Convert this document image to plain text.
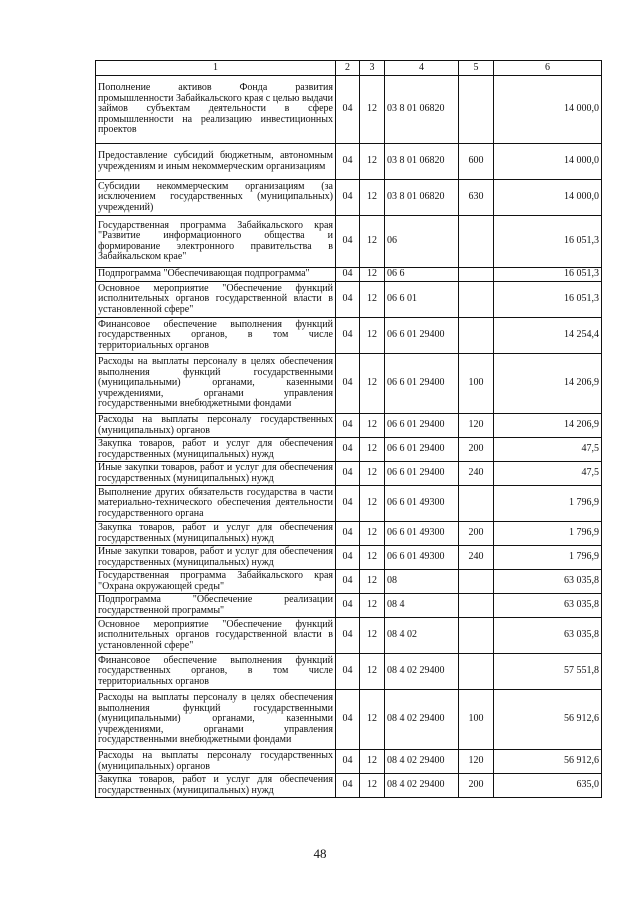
1	2	3	4	5	6
Пополнение активов Фонда развития промышленности Забайкальского края с целью выдачи займов субъектам деятельности в сфере промышленности на реализацию инвестиционных проектов	04	12	03 8 01 06820		14 000,0
Предоставление субсидий бюджетным, автономным учреждениям и иным некоммерческим организациям	04	12	03 8 01 06820	600	14 000,0
Субсидии некоммерческим организациям (за исключением государственных (муниципальных) учреждений)	04	12	03 8 01 06820	630	14 000,0
Государственная программа Забайкальского края "Развитие информационного общества и формирование электронного правительства в Забайкальском крае"	04	12	06		16 051,3
Подпрограмма "Обеспечивающая подпрограмма"	04	12	06 6		16 051,3
Основное мероприятие "Обеспечение функций исполнительных органов государственной власти в установленной сфере"	04	12	06 6 01		16 051,3
Финансовое обеспечение выполнения функций государственных органов, в том числе территориальных органов	04	12	06 6 01 29400		14 254,4
Расходы на выплаты персоналу в целях обеспечения выполнения функций государственными (муниципальными) органами, казенными учреждениями, органами управления государственными внебюджетными фондами	04	12	06 6 01 29400	100	14 206,9
Расходы на выплаты персоналу государственных (муниципальных) органов	04	12	06 6 01 29400	120	14 206,9
Закупка товаров, работ и услуг для обеспечения государственных (муниципальных) нужд	04	12	06 6 01 29400	200	47,5
Иные закупки товаров, работ и услуг для обеспечения государственных (муниципальных) нужд	04	12	06 6 01 29400	240	47,5
Выполнение других обязательств государства в части материально-технического обеспечения деятельности государственного органа	04	12	06 6 01 49300		1 796,9
Закупка товаров, работ и услуг для обеспечения государственных (муниципальных) нужд	04	12	06 6 01 49300	200	1 796,9
Иные закупки товаров, работ и услуг для обеспечения государственных (муниципальных) нужд	04	12	06 6 01 49300	240	1 796,9
Государственная программа Забайкальского края "Охрана окружающей среды"	04	12	08		63 035,8
Подпрограмма "Обеспечение реализации государственной программы"	04	12	08 4		63 035,8
Основное мероприятие "Обеспечение функций исполнительных органов государственной власти в установленной сфере"	04	12	08 4 02		63 035,8
Финансовое обеспечение выполнения функций государственных органов, в том числе территориальных органов	04	12	08 4 02 29400		57 551,8
Расходы на выплаты персоналу в целях обеспечения выполнения функций государственными (муниципальными) органами, казенными учреждениями, органами управления государственными внебюджетными фондами	04	12	08 4 02 29400	100	56 912,6
Расходы на выплаты персоналу государственных (муниципальных) органов	04	12	08 4 02 29400	120	56 912,6
Закупка товаров, работ и услуг для обеспечения государственных (муниципальных) нужд	04	12	08 4 02 29400	200	635,0
48
